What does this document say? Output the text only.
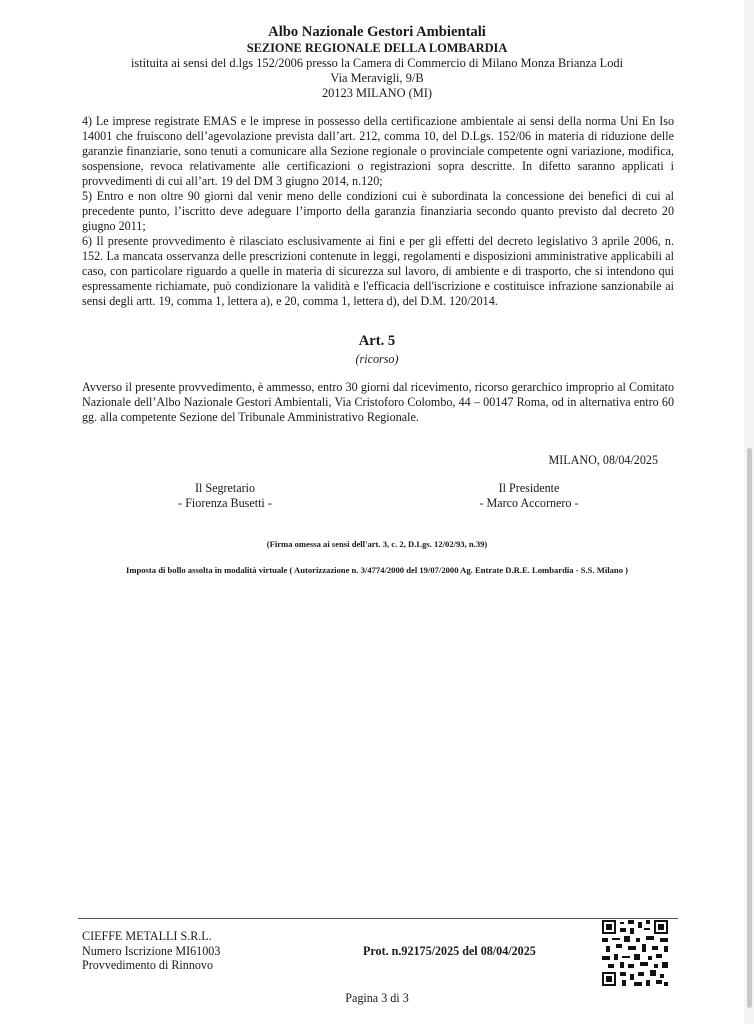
Albo Nazionale Gestori Ambientali
SEZIONE REGIONALE DELLA LOMBARDIA
istituita ai sensi del d.lgs 152/2006 presso la Camera di Commercio di Milano Monza Brianza Lodi
Via Meravigli, 9/B
20123 MILANO (MI)

4) Le imprese registrate EMAS e le imprese in possesso della certificazione ambientale ai sensi della norma Uni En Iso 14001 che fruiscono dell’agevolazione prevista dall’art. 212, comma 10, del D.Lgs. 152/06 in materia di riduzione delle garanzie finanziarie, sono tenuti a comunicare alla Sezione regionale o provinciale competente ogni variazione, modifica, sospensione, revoca relativamente alle certificazioni o registrazioni sopra descritte. In difetto saranno applicati i provvedimenti di cui all’art. 19 del DM 3 giugno 2014, n.120;

5) Entro e non oltre 90 giorni dal venir meno delle condizioni cui è subordinata la concessione dei benefici di cui al precedente punto, l’iscritto deve adeguare l’importo della garanzia finanziaria secondo quanto previsto dal decreto 20 giugno 2011;

6) Il presente provvedimento è rilasciato esclusivamente ai fini e per gli effetti del decreto legislativo 3 aprile 2006, n. 152. La mancata osservanza delle prescrizioni contenute in leggi, regolamenti e disposizioni amministrative applicabili al caso, con particolare riguardo a quelle in materia di sicurezza sul lavoro, di ambiente e di trasporto, che si intendono qui espressamente richiamate, può condizionare la validità e l'efficacia dell'iscrizione e costituisce infrazione sanzionabile ai sensi degli artt. 19, comma 1, lettera a), e 20, comma 1, lettera d), del D.M. 120/2014.

Art. 5
(ricorso)

Avverso il presente provvedimento, è ammesso, entro 30 giorni dal ricevimento, ricorso gerarchico improprio al Comitato Nazionale dell’Albo Nazionale Gestori Ambientali, Via Cristoforo Colombo, 44 – 00147 Roma, od in alternativa entro 60 gg. alla competente Sezione del Tribunale Amministrativo Regionale.

MILANO, 08/04/2025
Il Segretario
- Fiorenza Busetti -
Il Presidente
- Marco Accornero -
(Firma omessa ai sensi dell'art. 3, c. 2, D.Lgs. 12/02/93, n.39)
Imposta di bollo assolta in modalità virtuale ( Autorizzazione n. 3/4774/2000 del 19/07/2000 Ag. Entrate D.R.E. Lombardia - S.S. Milano )
CIEFFE METALLI S.R.L.
Numero Iscrizione MI61003
Provvedimento di Rinnovo
Prot. n.92175/2025 del 08/04/2025
Pagina 3 di 3
